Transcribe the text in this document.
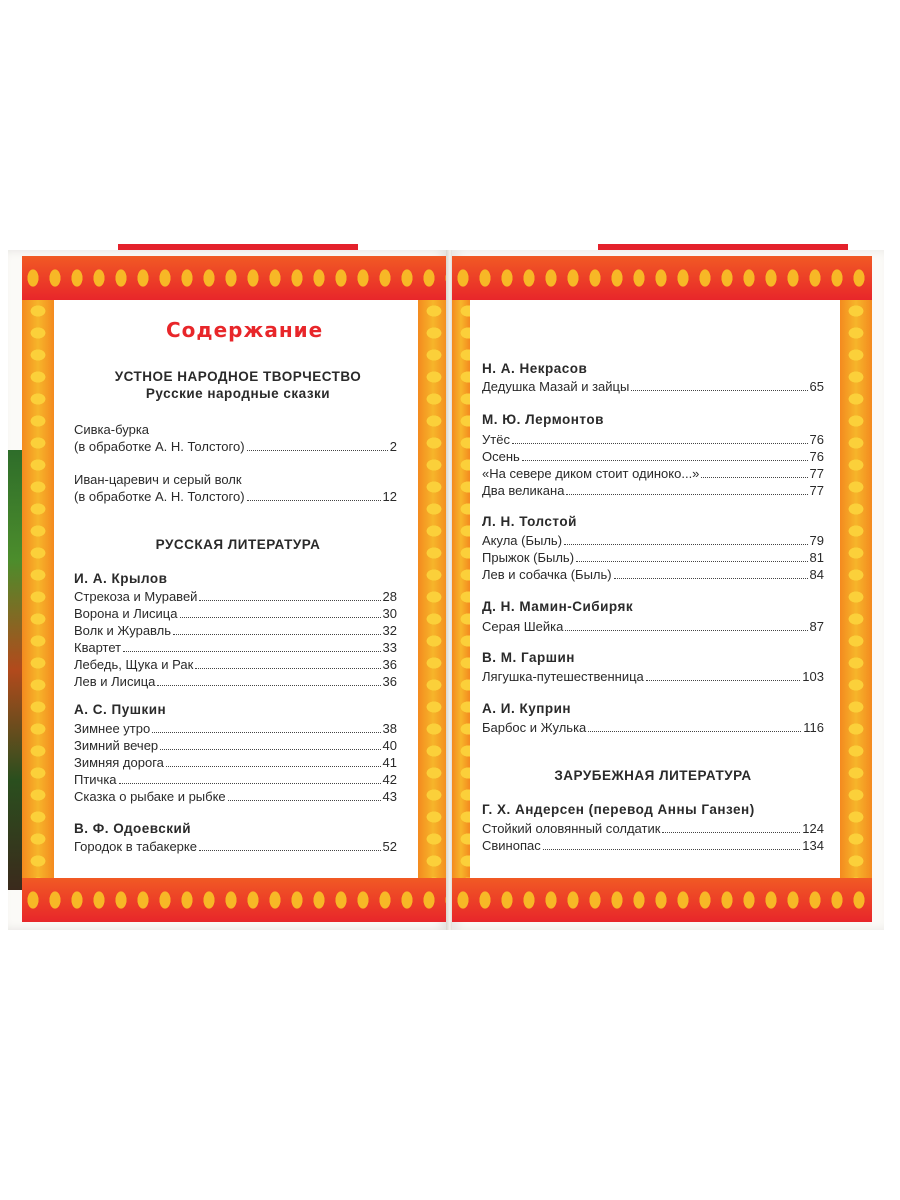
Содержание
УСТНОЕ НАРОДНОЕ ТВОРЧЕСТВО
Русские народные сказки
Сивка-бурка
(в обработке А. Н. Толстого)	2
Иван-царевич и серый волк
(в обработке А. Н. Толстого)	12
РУССКАЯ ЛИТЕРАТУРА
И. А. Крылов
Стрекоза и Муравей	28
Ворона и Лисица	30
Волк и Журавль	32
Квартет	33
Лебедь, Щука и Рак	36
Лев и Лисица	36
А. С. Пушкин
Зимнее утро	38
Зимний вечер	40
Зимняя дорога	41
Птичка	42
Сказка о рыбаке и рыбке	43
В. Ф. Одоевский
Городок в табакерке	52
Н. А. Некрасов
Дедушка Мазай и зайцы	65
М. Ю. Лермонтов
Утёс	76
Осень	76
«На севере диком стоит одиноко...»	77
Два великана	77
Л. Н. Толстой
Акула (Быль)	79
Прыжок (Быль)	81
Лев и собачка (Быль)	84
Д. Н. Мамин-Сибиряк
Серая Шейка	87
В. М. Гаршин
Лягушка-путешественница	103
А. И. Куприн
Барбос и Жулька	116
ЗАРУБЕЖНАЯ ЛИТЕРАТУРА
Г. Х. Андерсен (перевод Анны Ганзен)
Стойкий оловянный солдатик	124
Свинопас	134
